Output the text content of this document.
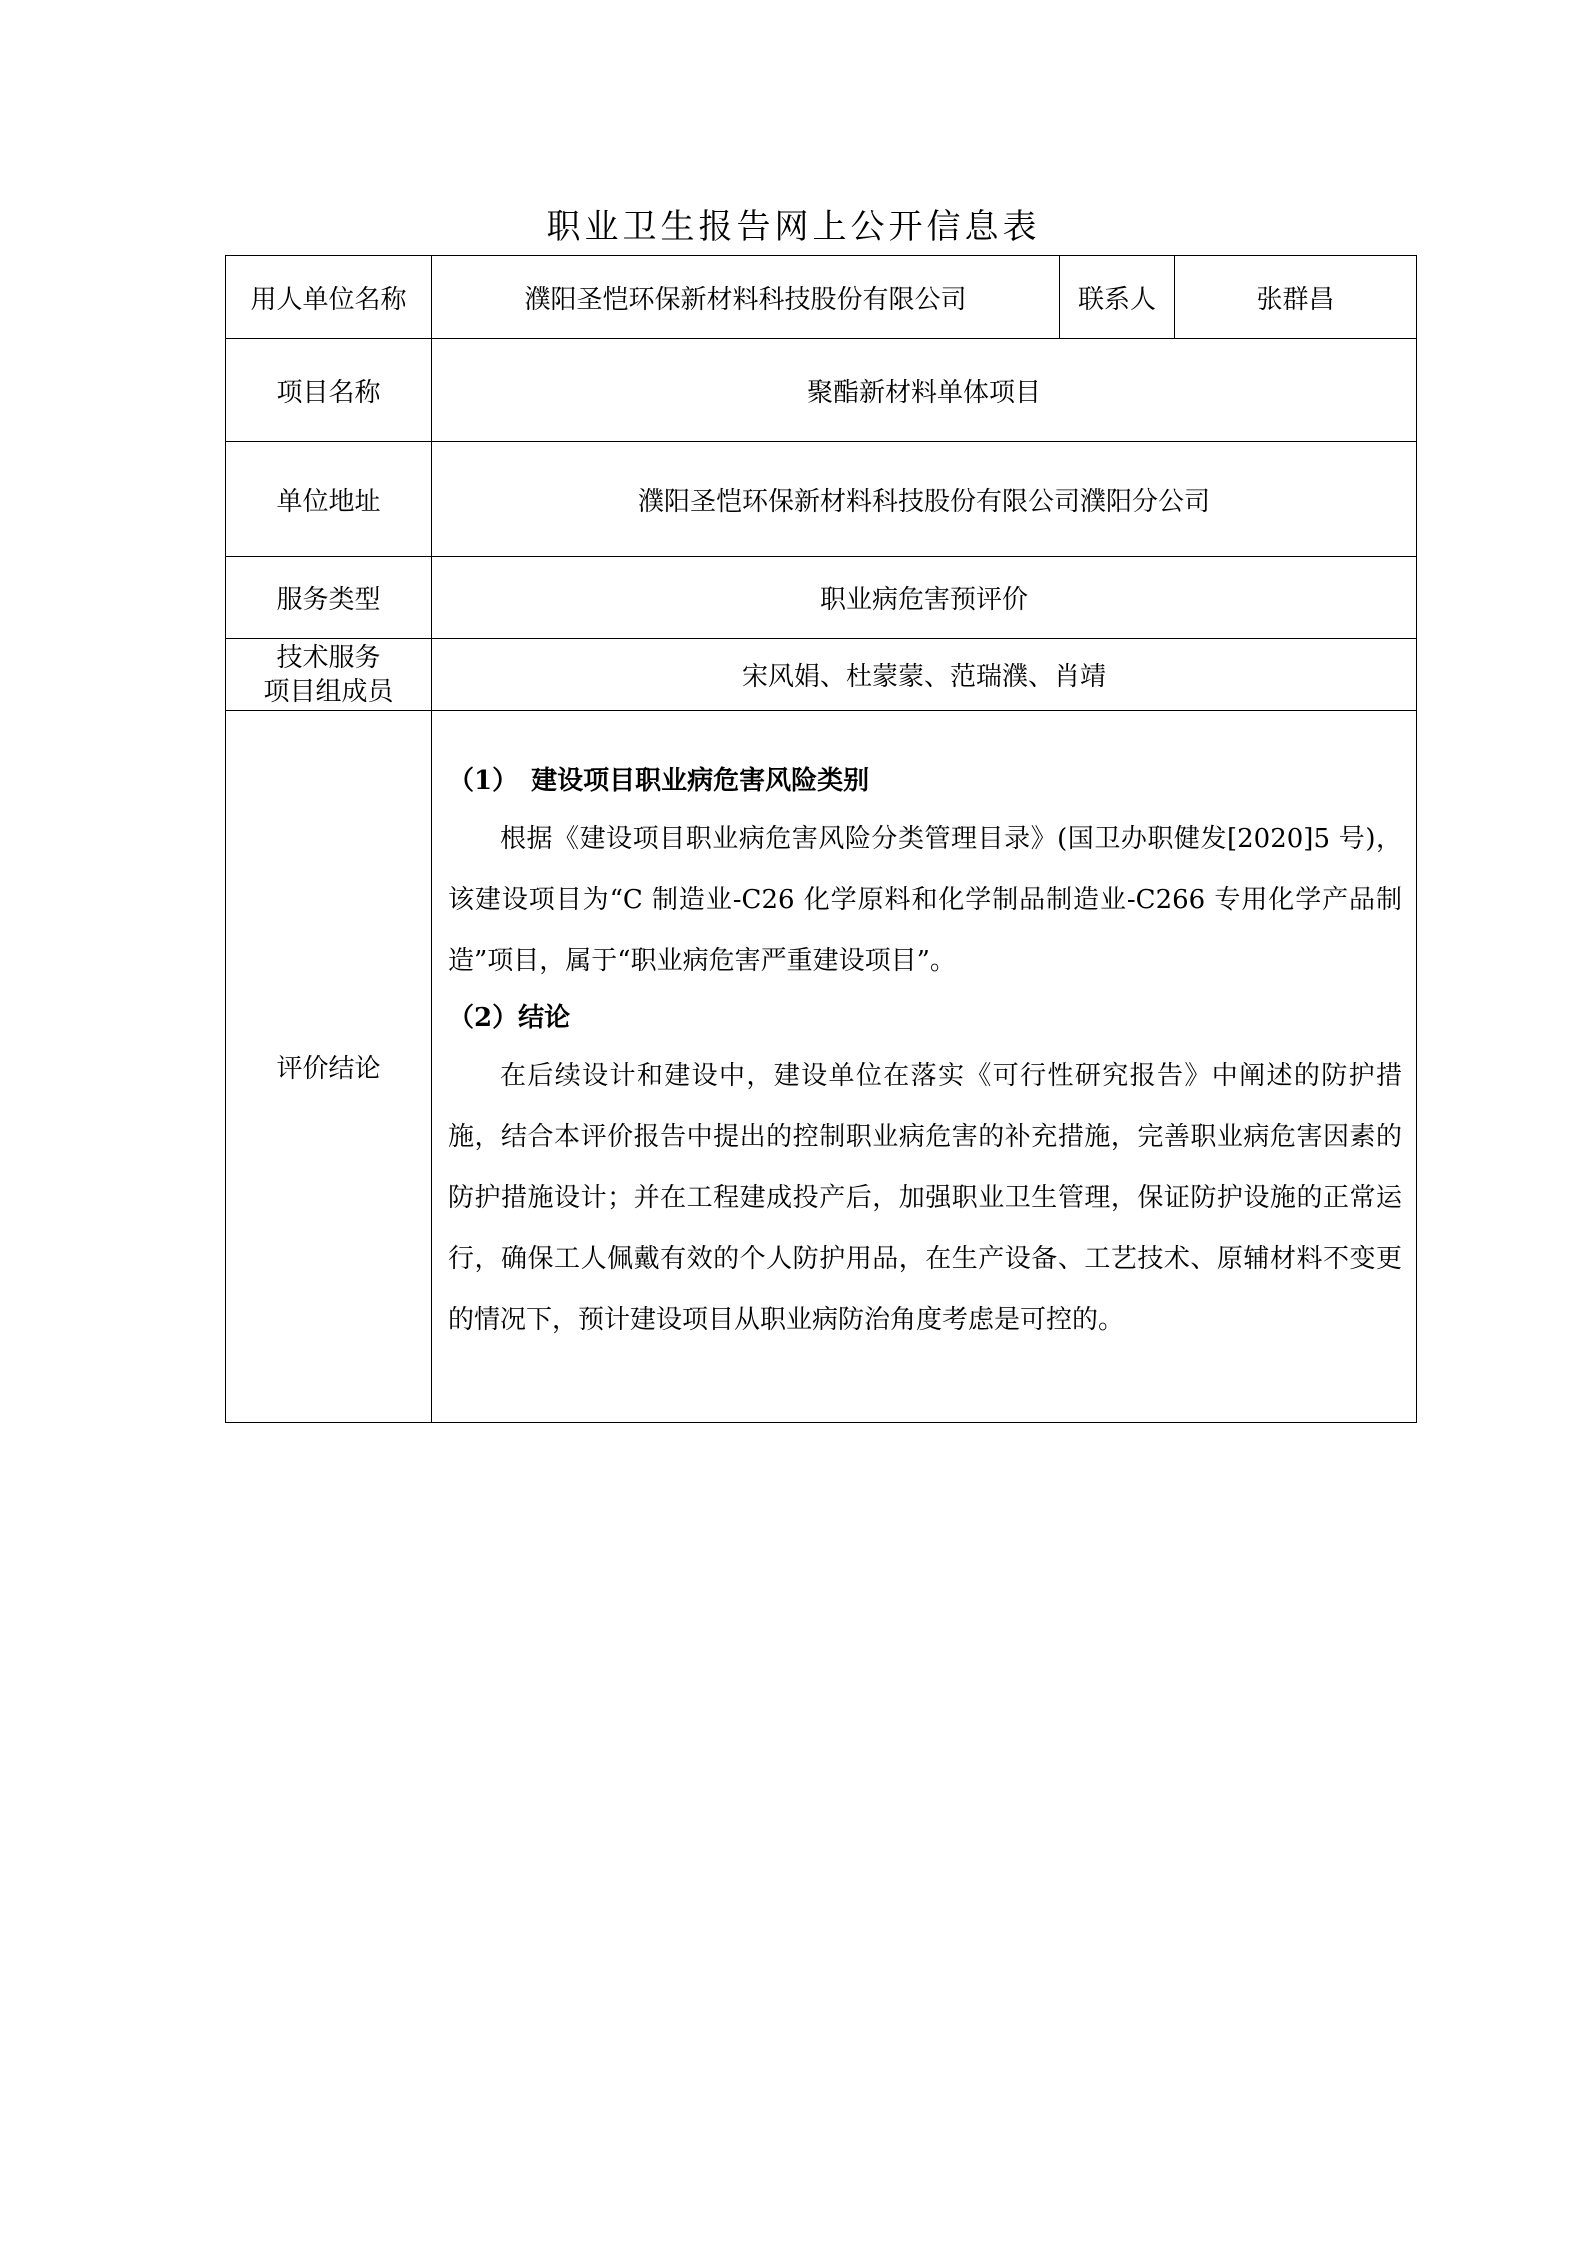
职业卫生报告网上公开信息表
用人单位名称	濮阳圣恺环保新材料科技股份有限公司	联系人	张群昌
项目名称	聚酯新材料单体项目		
单位地址	濮阳圣恺环保新材料科技股份有限公司濮阳分公司		
服务类型	职业病危害预评价		

技术服务
项目组成员	宋风娟、杜蒙蒙、范瑞濮、肖靖		
评价结论	（1）　建设项目职业病危害风险类别
根据《建设项目职业病危害风险分类管理目录》(国卫办职健发[2020]5 号)，该建设项目为“C 制造业-C26 化学原料和化学制品制造业-C266 专用化学产品制造”项目，属于“职业病危害严重建设项目”。
（2）结论
在后续设计和建设中，建设单位在落实《可行性研究报告》中阐述的防护措施，结合本评价报告中提出的控制职业病危害的补充措施，完善职业病危害因素的防护措施设计；并在工程建成投产后，加强职业卫生管理，保证防护设施的正常运行，确保工人佩戴有效的个人防护用品，在生产设备、工艺技术、原辅材料不变更的情况下，预计建设项目从职业病防治角度考虑是可控的。		
